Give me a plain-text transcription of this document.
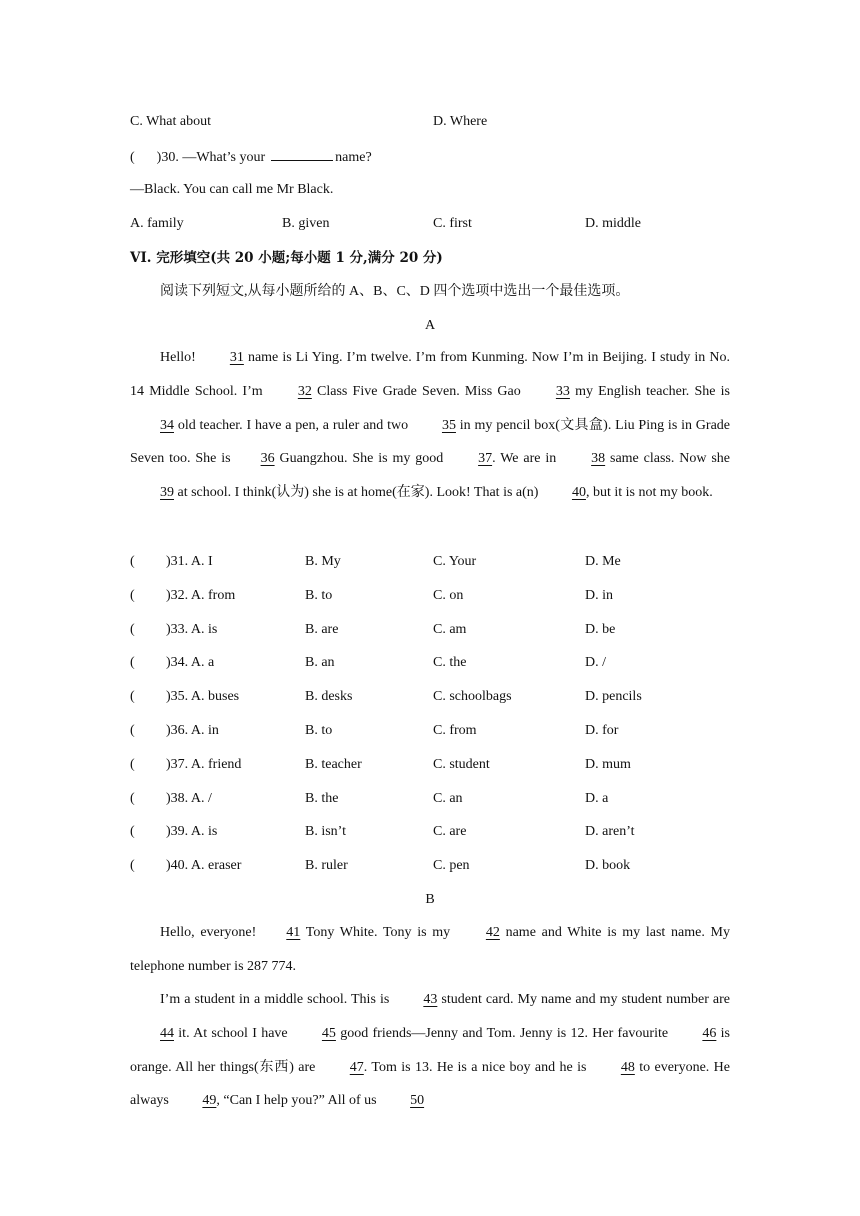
C. What about	D. Where
( )30. —What’s your	name?
—Black. You can call me Mr Black.
A. family	B. given	C. first	D. middle
VI. 完形填空(共 20 小题;每小题 1 分,满分 20 分)
阅读下列短文,从每小题所给的 A、B、C、D 四个选项中选出一个最佳选项。
A
Hello! 31 name is Li Ying. I’m twelve. I’m from Kunming. Now I’m in Beijing. I study in No. 14 Middle School. I’m 32 Class Five Grade Seven. Miss Gao 33 my English teacher. She is 34 old teacher. I have a pen, a ruler and two 35 in my pencil box(文具盒). Liu Ping is in Grade Seven too. She is 36 Guangzhou. She is my good 37. We are in 38 same class. Now she 39 at school. I think(认为) she is at home(在家). Look! That is a(n) 40, but it is not my book.
( )31. A. I	B. My	C. Your	D. Me
( )32. A. from	B. to	C. on	D. in
( )33. A. is	B. are	C. am	D. be
( )34. A. a	B. an	C. the	D. /
( )35. A. buses	B. desks	C. schoolbags	D. pencils
( )36. A. in	B. to	C. from	D. for
( )37. A. friend	B. teacher	C. student	D. mum
( )38. A. /	B. the	C. an	D. a
( )39. A. is	B. isn’t	C. are	D. aren’t
( )40. A. eraser	B. ruler	C. pen	D. book
B
Hello, everyone! 41 Tony White. Tony is my 42 name and White is my last name. My telephone number is 287 774.
I’m a student in a middle school. This is 43 student card. My name and my student number are 44 it. At school I have 45 good friends—Jenny and Tom. Jenny is 12. Her favourite 46 is orange. All her things(东西) are 47. Tom is 13. He is a nice boy and he is 48 to everyone. He always 49, “Can I help you?” All of us 50
